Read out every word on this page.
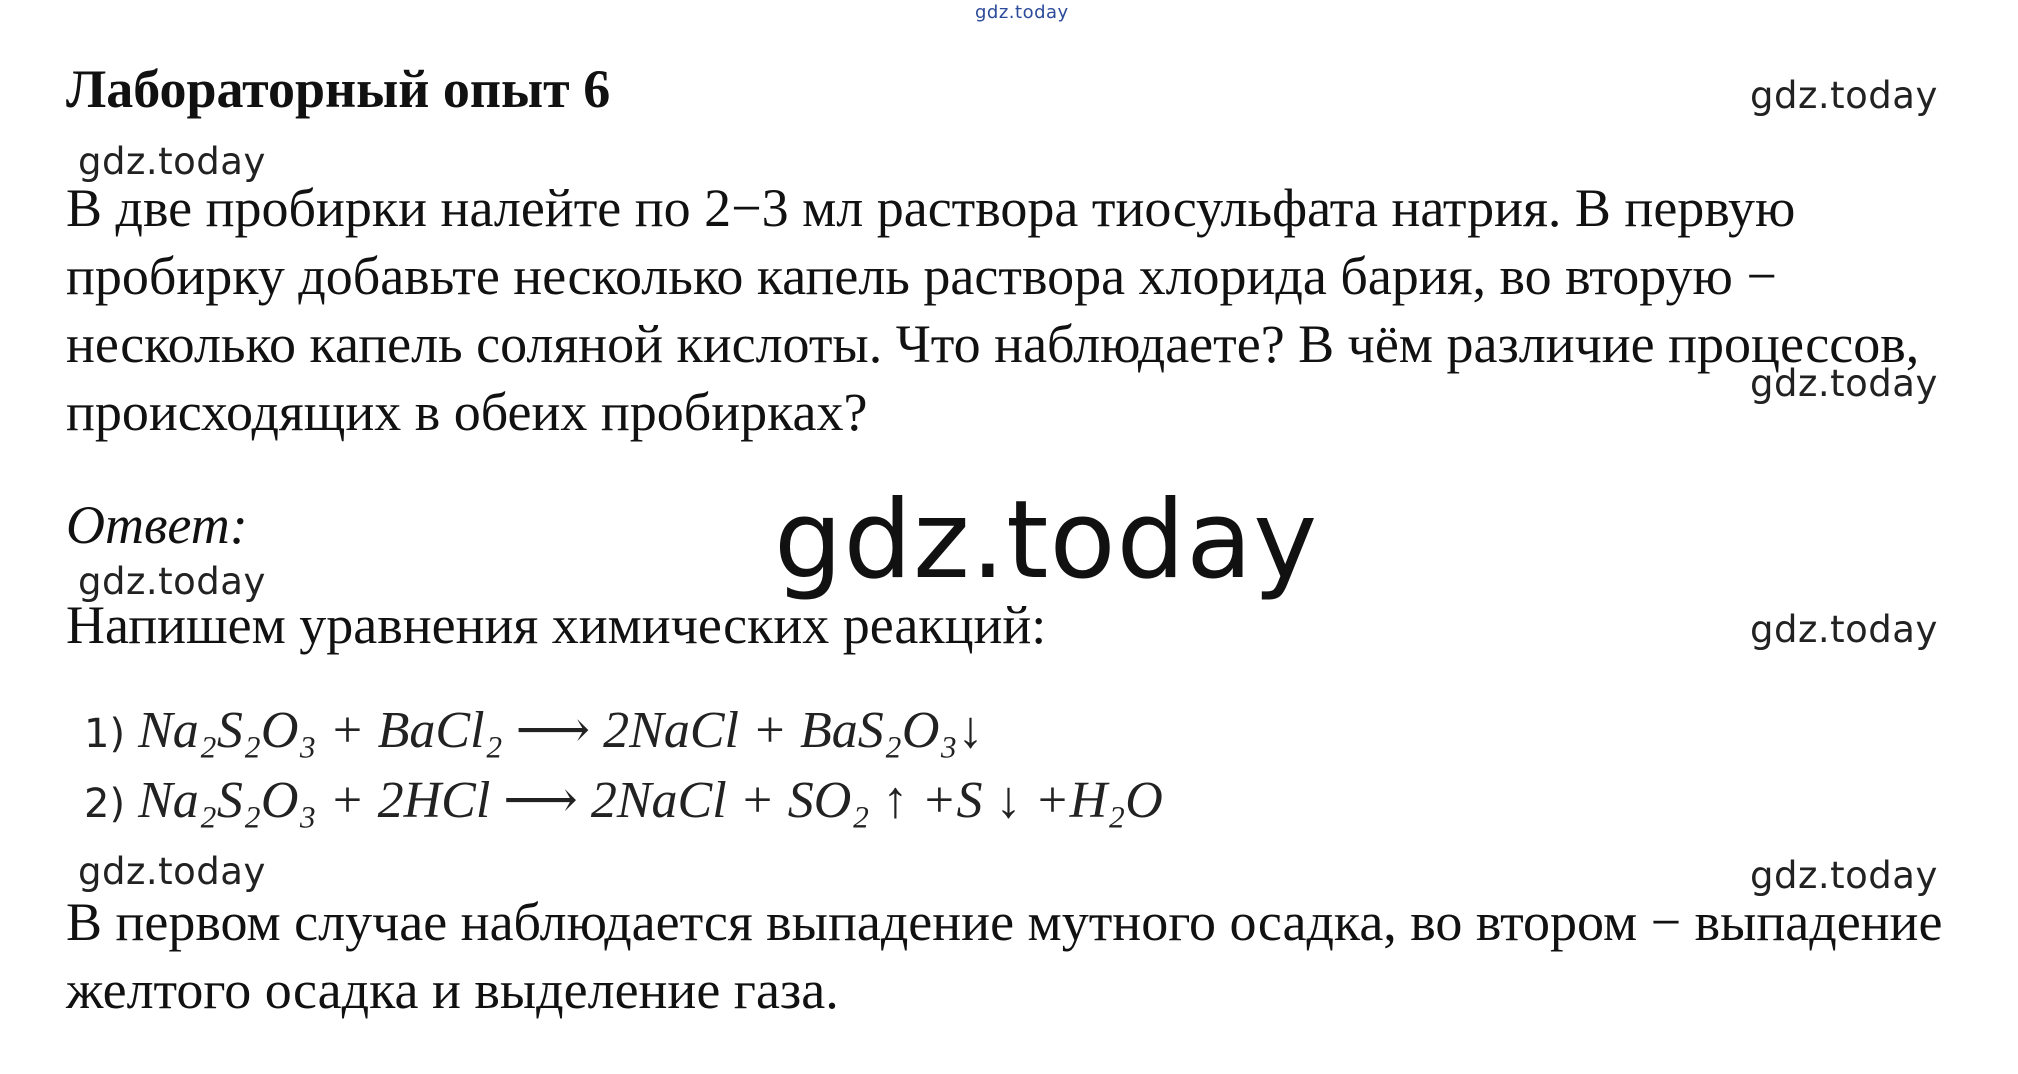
gdz.today
gdz.today
gdz.today
gdz.today
gdz.today
gdz.today
gdz.today
gdz.today	gdz.today
Лабораторный опыт 6
В две пробирки налейте по 2−3 мл раствора тиосульфата натрия. В первую пробирку добавьте несколько капель раствора хлорида бария, во вторую − несколько капель соляной кислоты. Что наблюдаете? В чём различие процессов, происходящих в обеих пробирках?
Ответ:
Напишем уравнения химических реакций:
1) Na₂S₂O₃ + BaCl₂ ⟶ 2NaCl + BaS₂O₃↓
2) Na₂S₂O₃ + 2HCl ⟶ 2NaCl + SO₂ ↑ +S ↓ +H₂O
В первом случае наблюдается выпадение мутного осадка, во втором − выпадение желтого осадка и выделение газа.
